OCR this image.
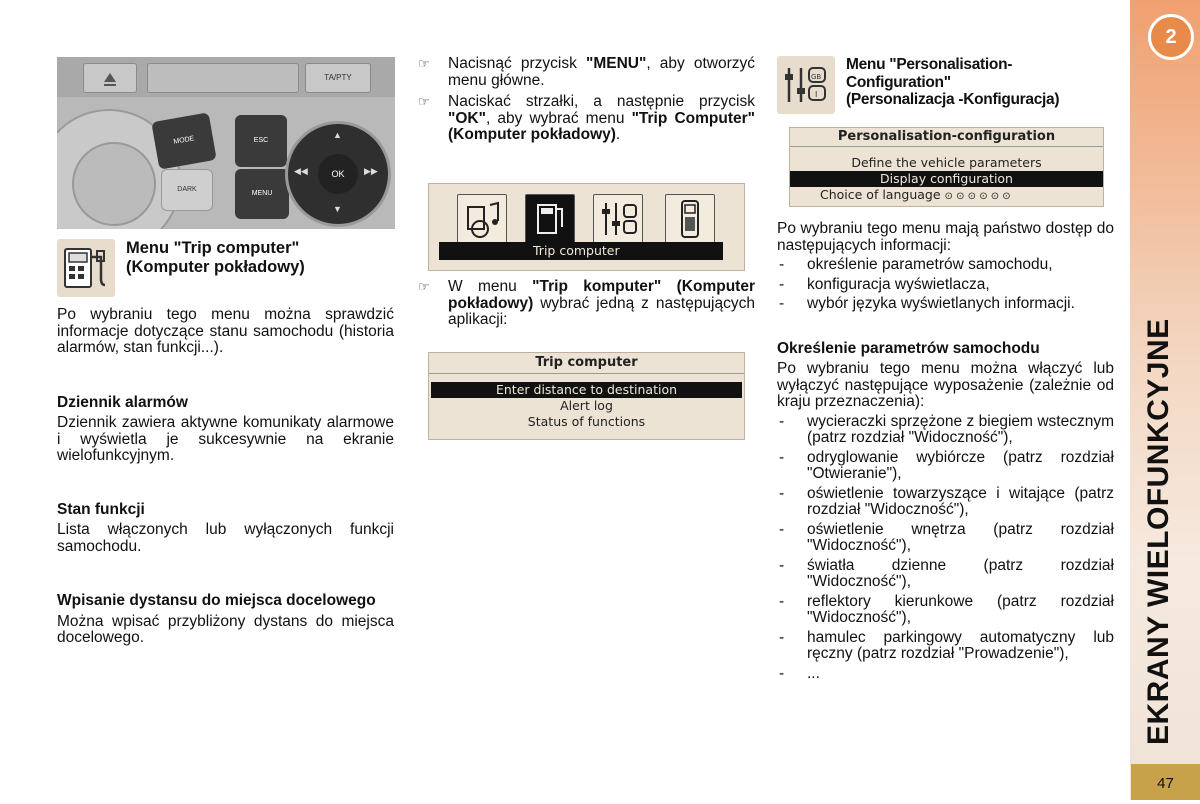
2
EKRANY WIELOFUNKCYJNE
47
TA/PTY
MODE
DARK
ESC
MENU
OK
▲
▼
◀◀	▶▶
Menu "Trip computer"
(Komputer pokładowy)

Po wybraniu tego menu można sprawdzić informacje dotyczące stanu samochodu (historia alarmów, stan funkcji...).

Dziennik alarmów

Dziennik zawiera aktywne komunikaty alarmowe i wyświetla je sukcesywnie na ekranie wielofunkcyjnym.

Stan funkcji

Lista włączonych lub wyłączonych funkcji samochodu.

Wpisanie dystansu do miejsca docelowego

Można wpisać przybliżony dystans do miejsca docelowego.

☞ Nacisnąć przycisk "MENU", aby otworzyć menu główne.
☞ Naciskać strzałki, a następnie przycisk "OK", aby wybrać menu "Trip Computer" (Komputer pokładowy).
Trip computer
☞ W menu "Trip komputer" (Komputer pokładowy) wybrać jedną z następujących aplikacji:
Trip computer
Enter distance to destination
Alert log
Status of functions
GB
I
Menu "Personalisation-
Configuration"
(Personalizacja -Konfiguracja)
Personalisation-configuration
Define the vehicle parameters
Display configuration
Choice of language ⊙ ⊙ ⊙ ⊙ ⊙ ⊙

Po wybraniu tego menu mają państwo dostęp do następujących informacji:

- określenie parametrów samochodu,
- konfiguracja wyświetlacza,
- wybór języka wyświetlanych informacji.

Określenie parametrów samochodu

Po wybraniu tego menu można włączyć lub wyłączyć następujące wyposażenie (zależnie od kraju przeznaczenia):

- wycieraczki sprzężone z biegiem wstecznym (patrz rozdział "Widoczność"),
- odryglowanie wybiórcze (patrz rozdział "Otwieranie"),
- oświetlenie towarzyszące i witające (patrz rozdział "Widoczność"),
- oświetlenie wnętrza (patrz rozdział "Widoczność"),
- światła dzienne (patrz rozdział "Widoczność"),
- reflektory kierunkowe (patrz rozdział "Widoczność"),
- hamulec parkingowy automatyczny lub ręczny (patrz rozdział "Prowadzenie"),
- ...
